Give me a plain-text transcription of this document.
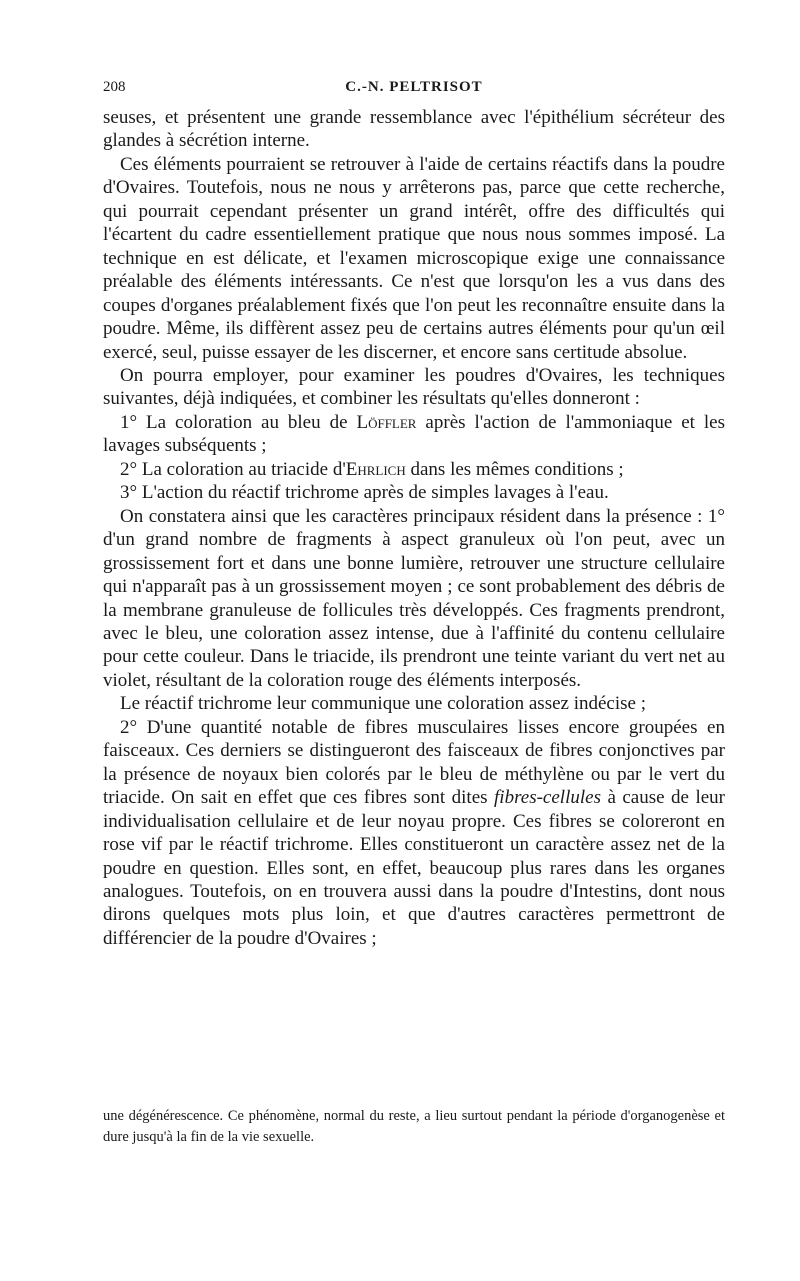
208	C.-N. PELTRISOT

seuses, et présentent une grande ressemblance avec l'épithélium sécréteur des glandes à sécrétion interne.

Ces éléments pourraient se retrouver à l'aide de certains réactifs dans la poudre d'Ovaires. Toutefois, nous ne nous y arrêterons pas, parce que cette recherche, qui pourrait cependant présenter un grand intérêt, offre des difficultés qui l'écartent du cadre essentiellement pratique que nous nous sommes imposé. La technique en est délicate, et l'examen microscopique exige une connaissance préalable des éléments intéressants. Ce n'est que lorsqu'on les a vus dans des coupes d'organes préalablement fixés que l'on peut les reconnaître ensuite dans la poudre. Même, ils diffèrent assez peu de certains autres éléments pour qu'un œil exercé, seul, puisse essayer de les discerner, et encore sans certitude absolue.

On pourra employer, pour examiner les poudres d'Ovaires, les techniques suivantes, déjà indiquées, et combiner les résultats qu'elles donneront :

1° La coloration au bleu de Löffler après l'action de l'ammoniaque et les lavages subséquents ;

2° La coloration au triacide d'Ehrlich dans les mêmes conditions ;

3° L'action du réactif trichrome après de simples lavages à l'eau.

On constatera ainsi que les caractères principaux résident dans la présence : 1° d'un grand nombre de fragments à aspect granuleux où l'on peut, avec un grossissement fort et dans une bonne lumière, retrouver une structure cellulaire qui n'apparaît pas à un grossissement moyen ; ce sont probablement des débris de la membrane granuleuse de follicules très développés. Ces fragments prendront, avec le bleu, une coloration assez intense, due à l'affinité du contenu cellulaire pour cette couleur. Dans le triacide, ils prendront une teinte variant du vert net au violet, résultant de la coloration rouge des éléments interposés.

Le réactif trichrome leur communique une coloration assez indécise ;

2° D'une quantité notable de fibres musculaires lisses encore groupées en faisceaux. Ces derniers se distingueront des faisceaux de fibres conjonctives par la présence de noyaux bien colorés par le bleu de méthylène ou par le vert du triacide. On sait en effet que ces fibres sont dites fibres-cellules à cause de leur individualisation cellulaire et de leur noyau propre. Ces fibres se coloreront en rose vif par le réactif trichrome. Elles constitueront un caractère assez net de la poudre en question. Elles sont, en effet, beaucoup plus rares dans les organes analogues. Toutefois, on en trouvera aussi dans la poudre d'Intestins, dont nous dirons quelques mots plus loin, et que d'autres caractères permettront de différencier de la poudre d'Ovaires ;

une dégénérescence. Ce phénomène, normal du reste, a lieu surtout pendant la période d'organogenèse et dure jusqu'à la fin de la vie sexuelle.
